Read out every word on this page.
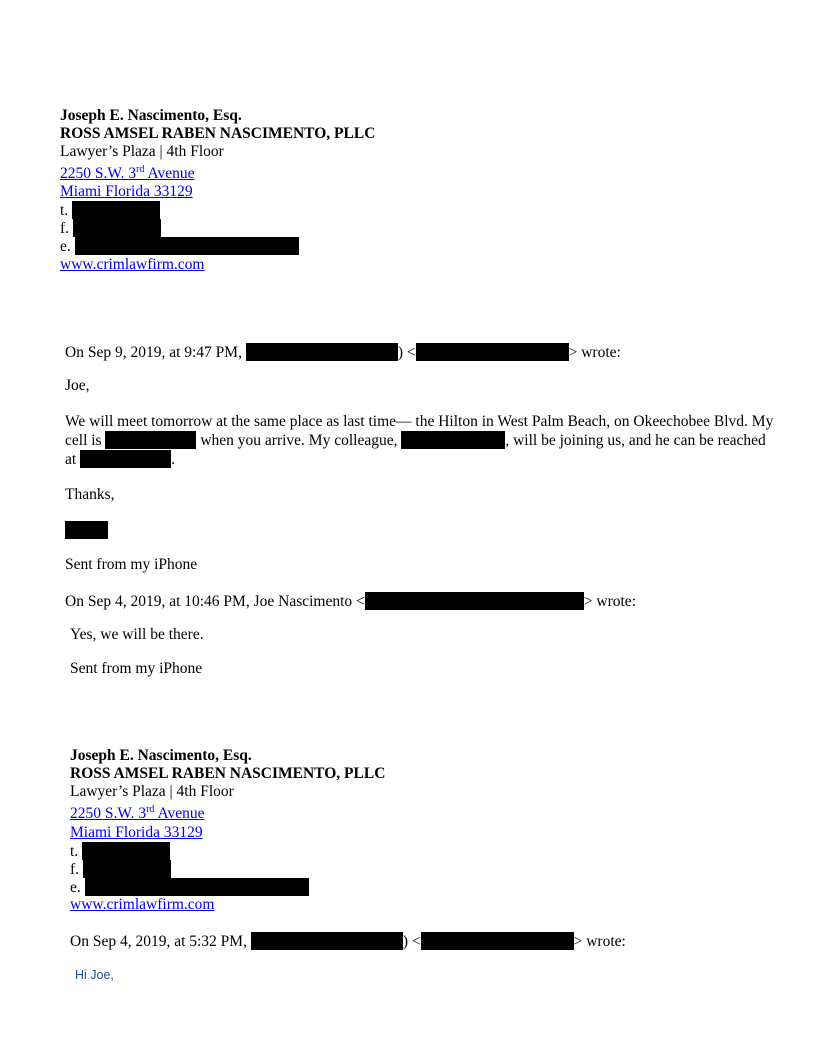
Joseph E. Nascimento, Esq.
ROSS AMSEL RABEN NASCIMENTO, PLLC
Lawyer’s Plaza | 4th Floor
2250 S.W. 3rd Avenue
Miami Florida 33129
t.
f.
e.
www.crimlawfirm.com
On Sep 9, 2019, at 9:47 PM,	) <	> wrote:
Joe,
We will meet tomorrow at the same place as last time— the Hilton in West Palm Beach, on Okeechobee Blvd. My cell is	when you arrive. My colleague,	, will be joining us, and he can be reached at	.
Thanks,
Sent from my iPhone
On Sep 4, 2019, at 10:46 PM, Joe Nascimento <	> wrote:
Yes, we will be there.
Sent from my iPhone
Joseph E. Nascimento, Esq.
ROSS AMSEL RABEN NASCIMENTO, PLLC
Lawyer’s Plaza | 4th Floor
2250 S.W. 3rd Avenue
Miami Florida 33129
t.
f.
e.
www.crimlawfirm.com
On Sep 4, 2019, at 5:32 PM,	) <	> wrote:
Hi Joe,
